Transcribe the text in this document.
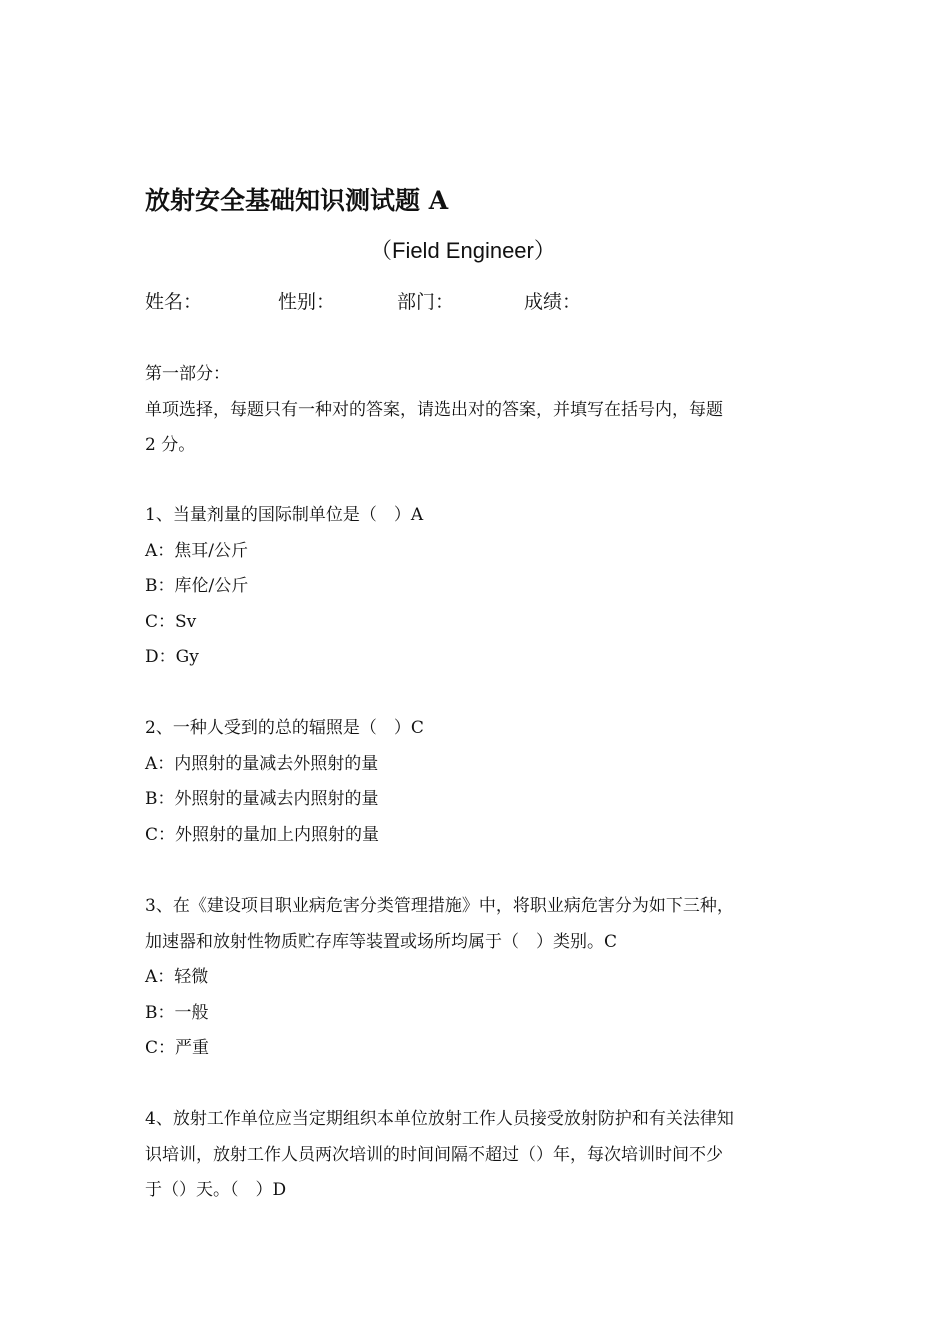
放射安全基础知识测试题 A
（Field Engineer）
姓名：	性别：	部门：	成绩：
第一部分：
单项选择，每题只有一种对的答案，请选出对的答案，并填写在括号内，每题
2 分。
1、当量剂量的国际制单位是（　）A
A：焦耳/公斤
B：库伦/公斤
C：Sv
D：Gy
2、一种人受到的总的辐照是（　）C
A：内照射的量减去外照射的量
B：外照射的量减去内照射的量
C：外照射的量加上内照射的量
3、在《建设项目职业病危害分类管理措施》中，将职业病危害分为如下三种，
加速器和放射性物质贮存库等装置或场所均属于（　）类别。C
A：轻微
B：一般
C：严重
4、放射工作单位应当定期组织本单位放射工作人员接受放射防护和有关法律知
识培训，放射工作人员两次培训的时间间隔不超过（）年，每次培训时间不少
于（）天。（　）D
